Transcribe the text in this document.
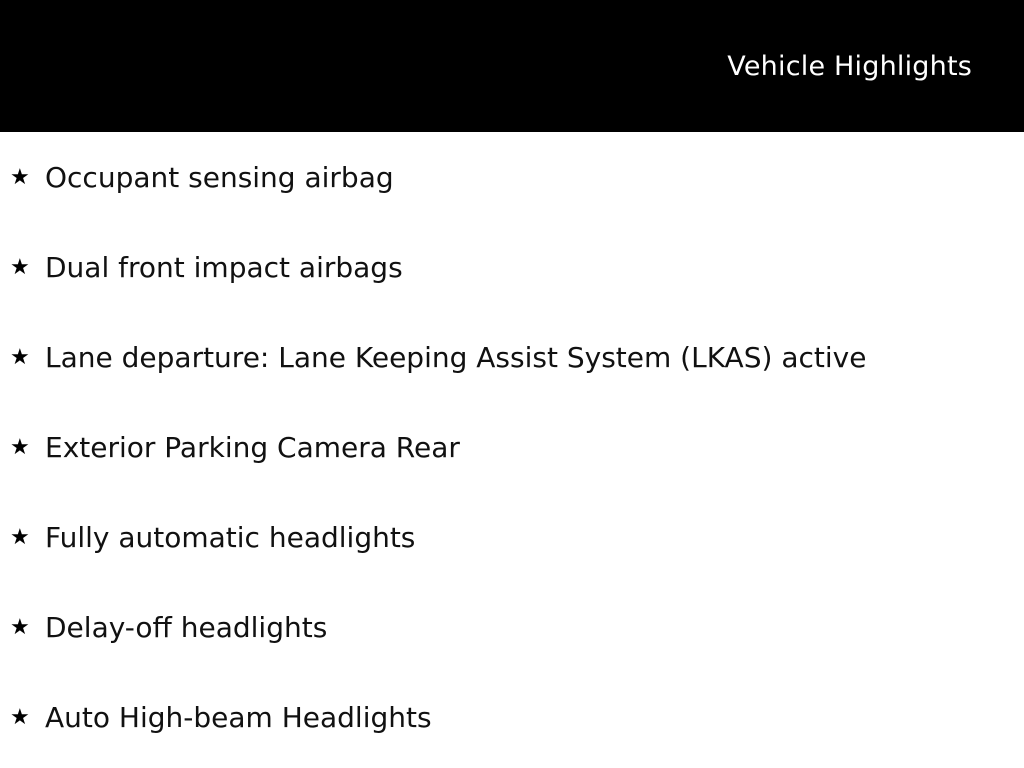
Vehicle Highlights
★ Occupant sensing airbag
★ Dual front impact airbags
★ Lane departure: Lane Keeping Assist System (LKAS) active
★ Exterior Parking Camera Rear
★ Fully automatic headlights
★ Delay-off headlights
★ Auto High-beam Headlights
